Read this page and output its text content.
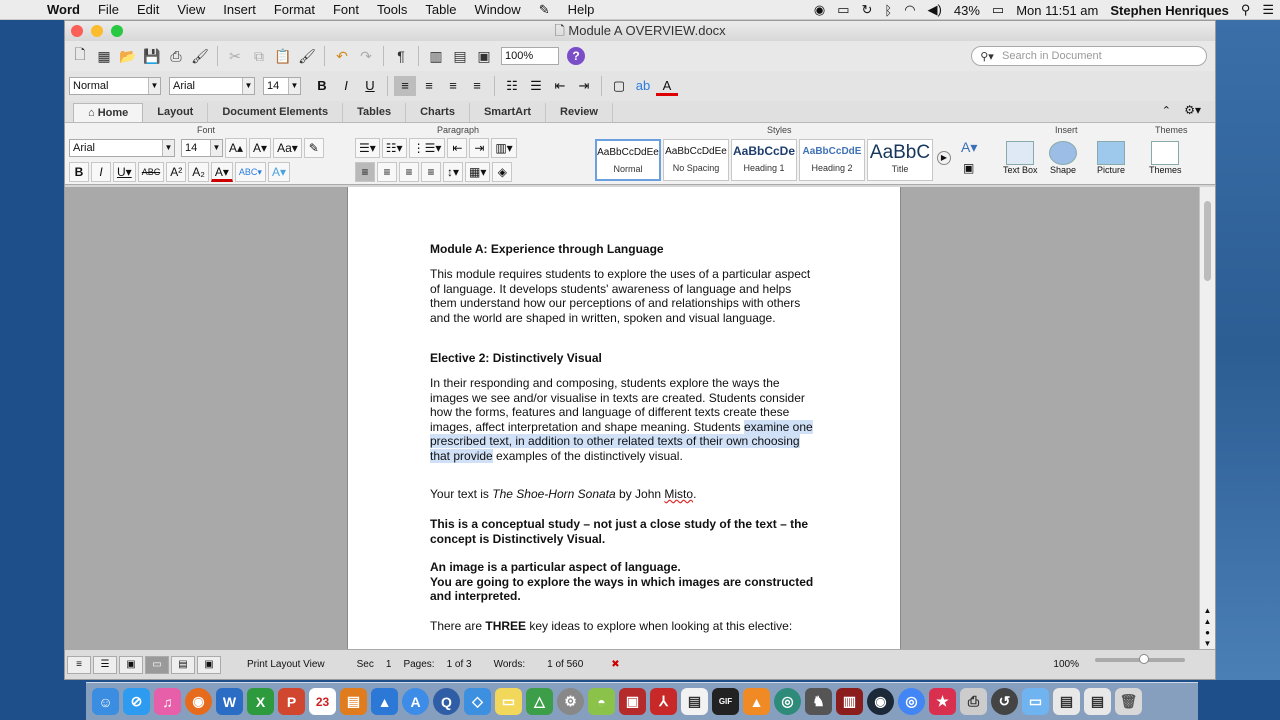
Word	File	Edit	View	Insert	Format	Font	Tools	Table	Window	✎	Help	◉ ▭ ↻ ᛒ ◠ ◀) 43% ▭ Mon 11:51 am Stephen Henriques ⚲ ☰
🗋 Module A OVERVIEW.docx
🗋 ▦ 📂 💾 ⎙ 🖌	✂ ⧉ 📋 🖌	↶ ↷	¶	▥ ▤ ▣	100%	?	⚲▾ Search in Document
Normal	▼	Arial	▼	14	▼	B	I	U	≡	≡	≡	≡	☷ ☰ ⇤	⇥	▢ ab A
⌂ Home	Layout	Document Elements	Tables	Charts	SmartArt	Review	⌃ ⚙▾
Font	Paragraph	Styles	Insert	Themes
Arial	▼	14	▼ A▴ A▾ Aa▾ ✎
B	I	U▾	ABC A² A₂ A▾	ABC▾ A▾
☰▾ ☷▾ ⋮☰▾ ⇤ ⇥ ▥▾
≡	≡	≡	≡	↕▾ ▦▾ ◈
AaBbCcDdEe
Normal
AaBbCcDdEe
No Spacing
AaBbCcDe
Heading 1
AaBbCcDdE
Heading 2
AaBbC
Title
▶
A▾
▣	Text Box Shape Picture	Themes
Module A: Experience through Language
This module requires students to explore the uses of a particular aspect of language. It develops students' awareness of language and helps them understand how our perceptions of and relationships with others and the world are shaped in written, spoken and visual language.
Elective 2: Distinctively Visual
In their responding and composing, students explore the ways the images we see and/or visualise in texts are created. Students consider how the forms, features and language of different texts create these images, affect interpretation and shape meaning. Students examine one prescribed text, in addition to other related texts of their own choosing that provide examples of the distinctively visual.
Your text is The Shoe-Horn Sonata by John Misto.
This is a conceptual study – not just a close study of the text – the concept is Distinctively Visual.
An image is a particular aspect of language.
You are going to explore the ways in which images are constructed and interpreted.
There are THREE key ideas to explore when looking at this elective:
▲
▲
●
▼
≡	☰	▣	▭	▤	▣	Print Layout View	Sec	1	Pages:	1 of 3	Words:	1 of 560	✖	100%
☺	⊘	♫	◉	W	X	P	23	▤	▲	A	Q	◇	▭	△	⚙	◓	▣	⅄	▤	GIF	▲	◎	♞	▥	◉	◎	★	⎙	↺	▭	▤	▤	🗑
